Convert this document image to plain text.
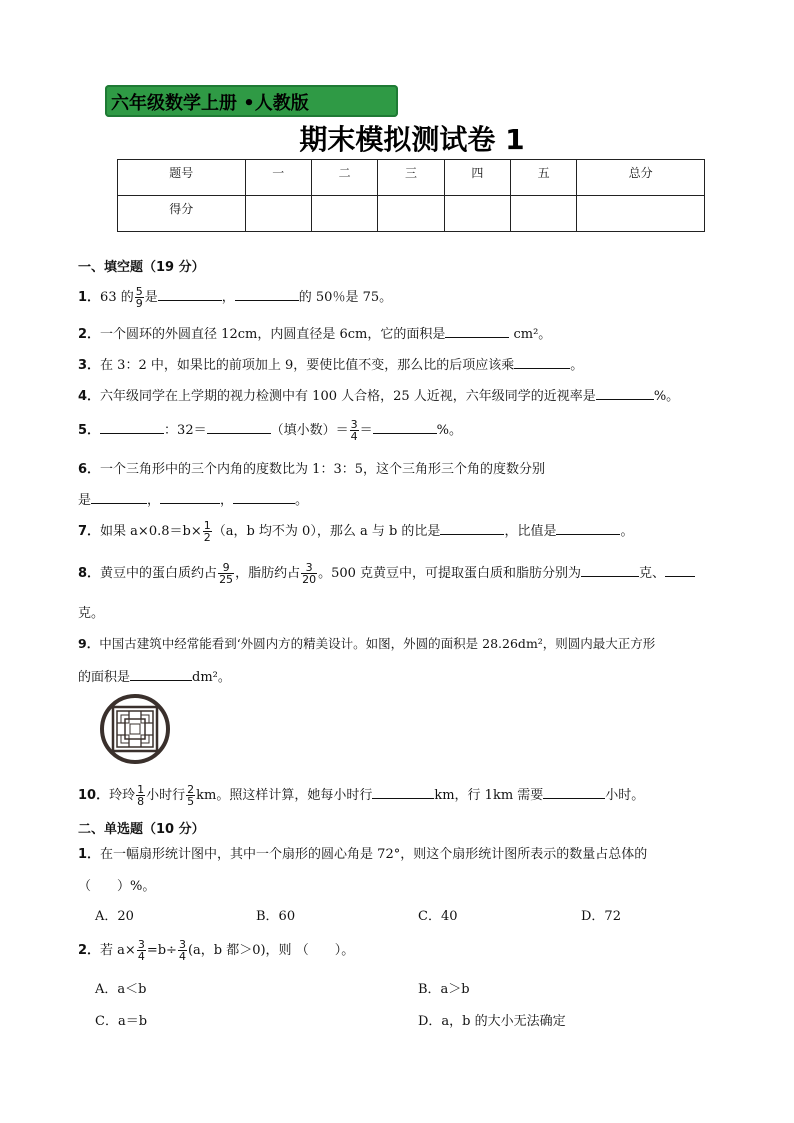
六年级数学上册 •人教版
期末模拟测试卷 1
题号	一	二	三	四	五	总分
得分						
一、填空题（19 分）
1．63 的 $\frac{5}{9}$ 是	，	的 50％是 75。
2．一个圆环的外圆直径 12cm，内圆直径是 6cm，它的面积是	cm²。
3．在 3：2 中，如果比的前项加上 9，要使比值不变，那么比的后项应该乘	。
4．六年级同学在上学期的视力检测中有 100 人合格，25 人近视，六年级同学的近视率是	%。
5．	：32＝	（填小数）＝ $\frac{3}{4}$ ＝	%。
6．一个三角形中的三个内角的度数比为 1：3：5，这个三角形三个角的度数分别
是	，	，	。
7．如果 $a\times 0.8=b\times \frac{1}{2} (a$，b 均不为 0），那么 a 与 b 的比是	，比值是	。
8．黄豆中的蛋白质约占 $\frac{9}{25}$ ，脂肪约占 $\frac{3}{20}$ 。500 克黄豆中，可提取蛋白质和脂肪分别为	克、
克。
9．中国古建筑中经常能看到‘外圆内方的精美设计。如图，外圆的面积是 28.26dm²，则圆内最大正方形
的面积是	dm²。
10．玲玲 $\frac{1}{8}$ 小时行 $\frac{2}{5}$ km。照这样计算，她每小时行	km，行 1km 需要	小时。
二、单选题（10 分）
1．在一幅扇形统计图中，其中一个扇形的圆心角是 72°，则这个扇形统计图所表示的数量占总体的
（　　）%。
A．20	B．60	C．40	D．72
2．若 $a\times \frac{3}{4} =b\div \frac{3}{4} (a$，b 都＞0)，则 （　　）。
A．a＜b	B．a＞b
C．a＝b	D．a，b 的大小无法确定
